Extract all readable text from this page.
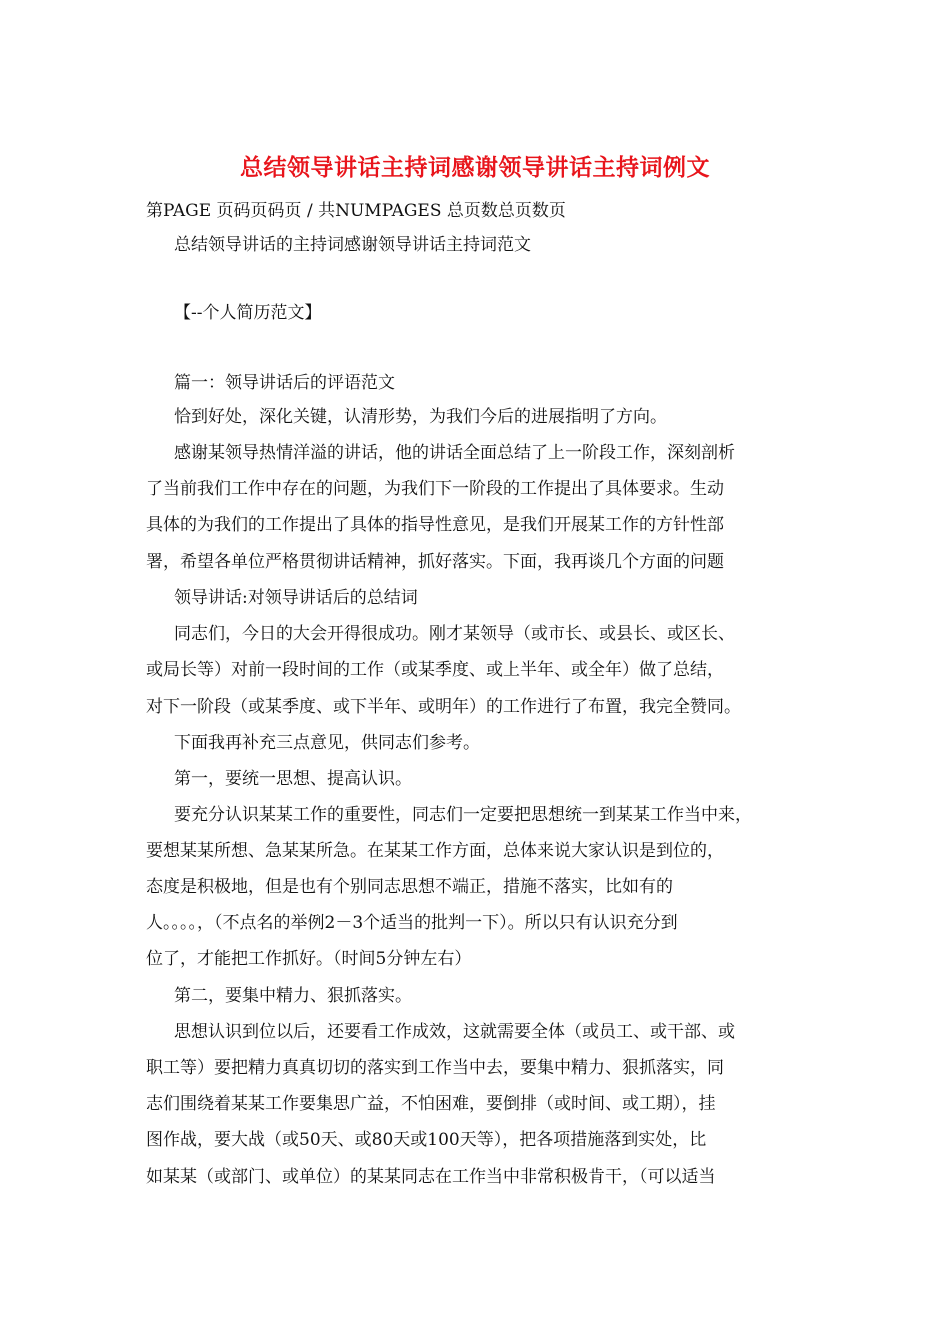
总结领导讲话主持词感谢领导讲话主持词例文
第PAGE 页码页码页 / 共NUMPAGES 总页数总页数页
总结领导讲话的主持词感谢领导讲话主持词范文
【--个人简历范文】
篇一：领导讲话后的评语范文
恰到好处，深化关键，认清形势，为我们今后的进展指明了方向。
感谢某领导热情洋溢的讲话，他的讲话全面总结了上一阶段工作，深刻剖析
了当前我们工作中存在的问题，为我们下一阶段的工作提出了具体要求。生动
具体的为我们的工作提出了具体的指导性意见，是我们开展某工作的方针性部
署，希望各单位严格贯彻讲话精神，抓好落实。下面，我再谈几个方面的问题
领导讲话:对领导讲话后的总结词
同志们，今日的大会开得很成功。刚才某领导（或市长、或县长、或区长、
或局长等）对前一段时间的工作（或某季度、或上半年、或全年）做了总结，
对下一阶段（或某季度、或下半年、或明年）的工作进行了布置，我完全赞同。
下面我再补充三点意见，供同志们参考。
第一，要统一思想、提高认识。
要充分认识某某工作的重要性，同志们一定要把思想统一到某某工作当中来，
要想某某所想、急某某所急。在某某工作方面，总体来说大家认识是到位的，
态度是积极地，但是也有个别同志思想不端正，措施不落实，比如有的
人。。。。，（不点名的举例2－3个适当的批判一下）。所以只有认识充分到
位了，才能把工作抓好。（时间5分钟左右）
第二，要集中精力、狠抓落实。
思想认识到位以后，还要看工作成效，这就需要全体（或员工、或干部、或
职工等）要把精力真真切切的落实到工作当中去，要集中精力、狠抓落实，同
志们围绕着某某工作要集思广益，不怕困难，要倒排（或时间、或工期），挂
图作战，要大战（或50天、或80天或100天等），把各项措施落到实处，比
如某某（或部门、或单位）的某某同志在工作当中非常积极肯干，（可以适当
